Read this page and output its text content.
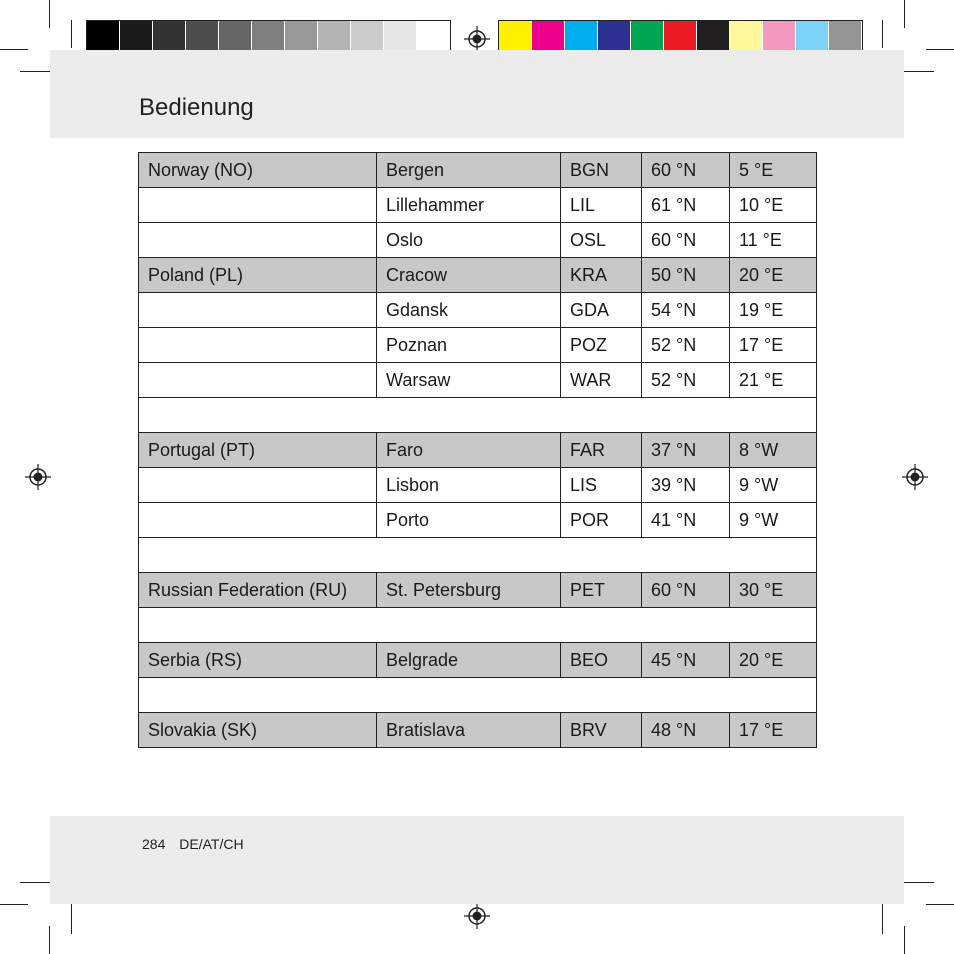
Bedienung
Norway (NO)	Bergen	BGN	60 °N	5 °E
	Lillehammer	LIL	61 °N	10 °E
	Oslo	OSL	60 °N	11 °E
Poland (PL)	Cracow	KRA	50 °N	20 °E
	Gdansk	GDA	54 °N	19 °E
	Poznan	POZ	52 °N	17 °E
	Warsaw	WAR	52 °N	21 °E

Portugal (PT)	Faro	FAR	37 °N	8 °W
	Lisbon	LIS	39 °N	9 °W
	Porto	POR	41 °N	9 °W

Russian Federation (RU)	St. Petersburg	PET	60 °N	30 °E

Serbia (RS)	Belgrade	BEO	45 °N	20 °E

Slovakia (SK)	Bratislava	BRV	48 °N	17 °E
284 DE/AT/CH
